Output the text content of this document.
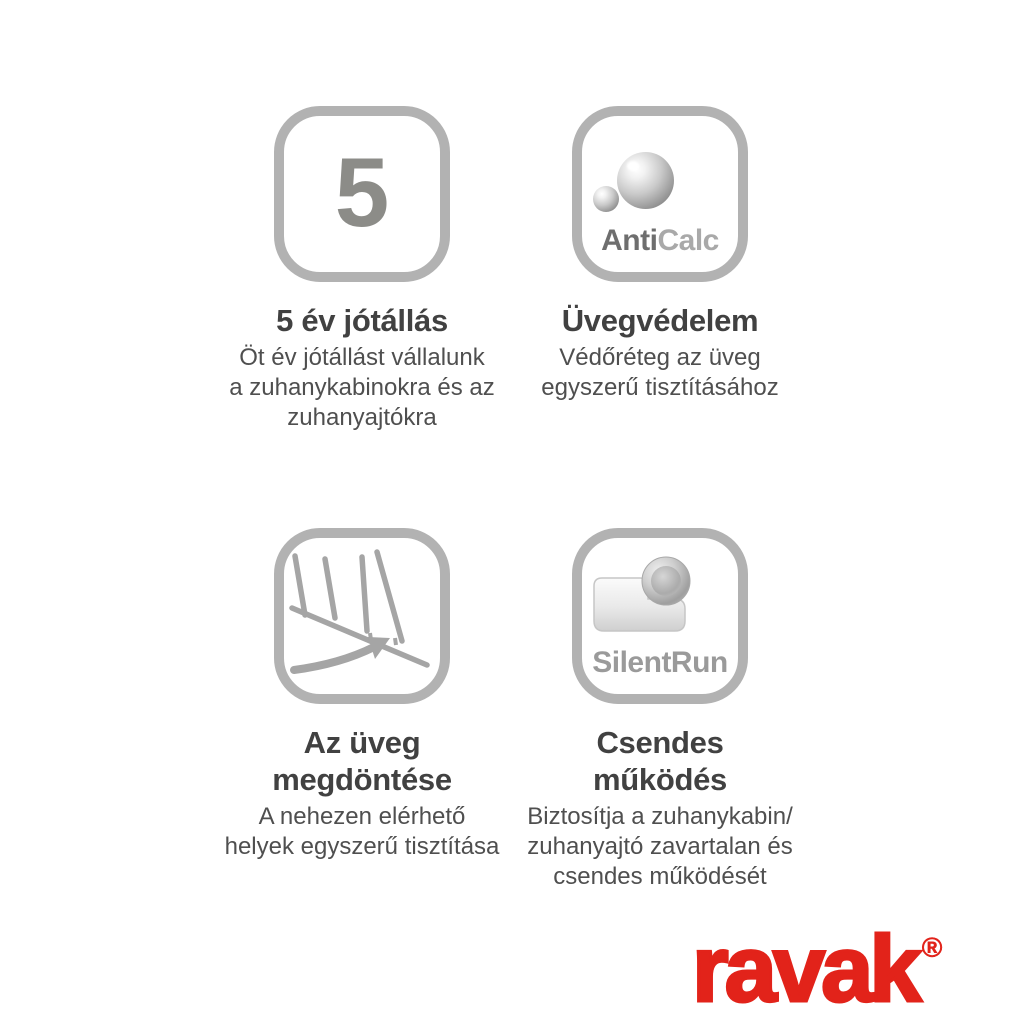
5
5 év jótállás

Öt év jótállást vállalunk
a zuhanykabinokra és az
zuhanyajtókra

AntiCalc
Üvegvédelem

Védőréteg az üveg
egyszerű tisztításához

Az üveg
megdöntése

A nehezen elérhető
helyek egyszerű tisztítása

SilentRun
Csendes
működés

Biztosítja a zuhanykabin/
zuhanyajtó zavartalan és
csendes működését

ravak ®
